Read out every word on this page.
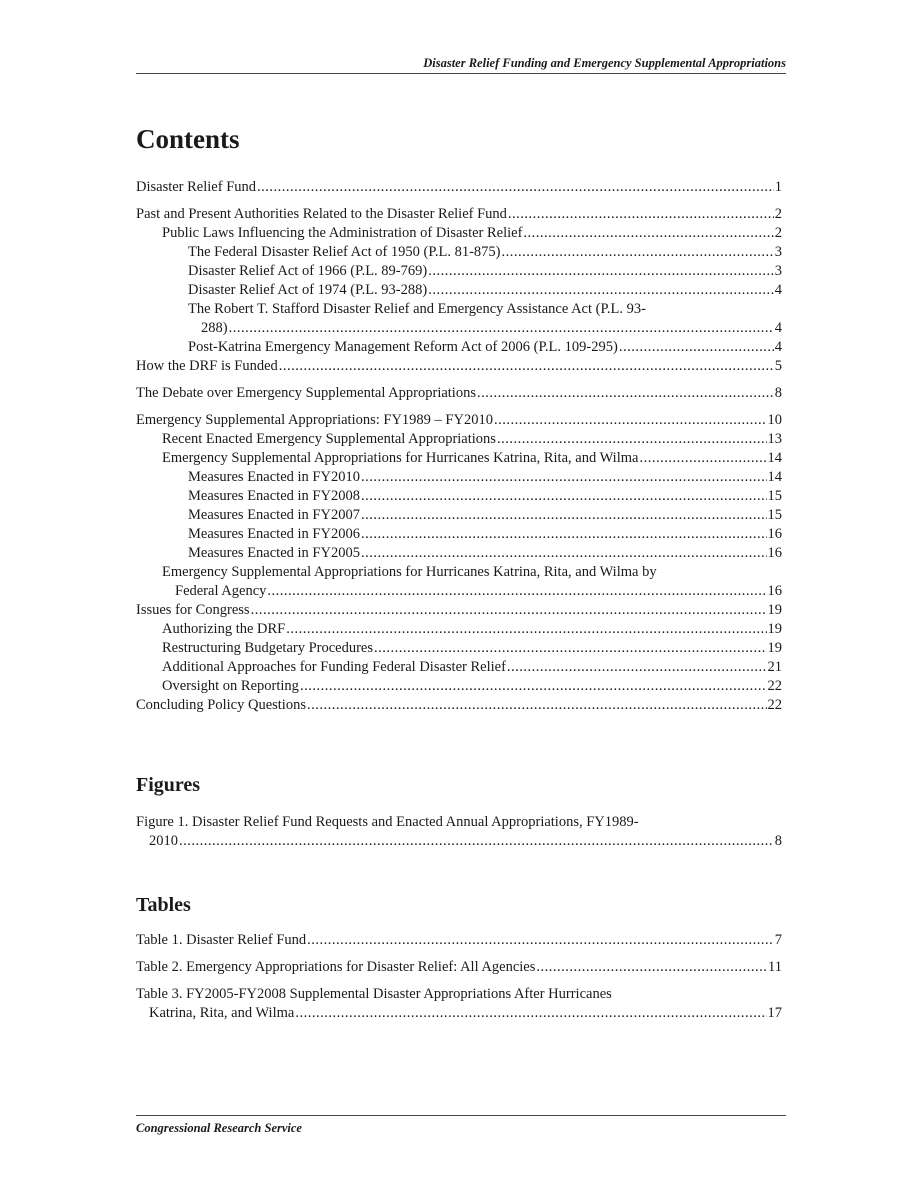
Disaster Relief Funding and Emergency Supplemental Appropriations
Contents
Disaster Relief Fund .....	1
Past and Present Authorities Related to the Disaster Relief Fund .....	2
Public Laws Influencing the Administration of Disaster Relief .....	2
The Federal Disaster Relief Act of 1950 (P.L. 81-875) .....	3
Disaster Relief Act of 1966 (P.L. 89-769) .....	3
Disaster Relief Act of 1974 (P.L. 93-288) .....	4
The Robert T. Stafford Disaster Relief and Emergency Assistance Act (P.L. 93-
288) .....	4
Post-Katrina Emergency Management Reform Act of 2006 (P.L. 109-295) .....	4
How the DRF is Funded .....	5
The Debate over Emergency Supplemental Appropriations .....	8
Emergency Supplemental Appropriations: FY1989 – FY2010 .....	10
Recent Enacted Emergency Supplemental Appropriations .....	13
Emergency Supplemental Appropriations for Hurricanes Katrina, Rita, and Wilma .....	14
Measures Enacted in FY2010 .....	14
Measures Enacted in FY2008 .....	15
Measures Enacted in FY2007 .....	15
Measures Enacted in FY2006 .....	16
Measures Enacted in FY2005 .....	16
Emergency Supplemental Appropriations for Hurricanes Katrina, Rita, and Wilma by
Federal Agency .....	16
Issues for Congress .....	19
Authorizing the DRF .....	19
Restructuring Budgetary Procedures .....	19
Additional Approaches for Funding Federal Disaster Relief .....	21
Oversight on Reporting .....	22
Concluding Policy Questions .....	22
Figures
Figure 1. Disaster Relief Fund Requests and Enacted Annual Appropriations, FY1989-
2010 .....	8
Tables
Table 1. Disaster Relief Fund .....	7
Table 2. Emergency Appropriations for Disaster Relief: All Agencies .....	11
Table 3. FY2005-FY2008 Supplemental Disaster Appropriations After Hurricanes
Katrina, Rita, and Wilma .....	17
Congressional Research Service
